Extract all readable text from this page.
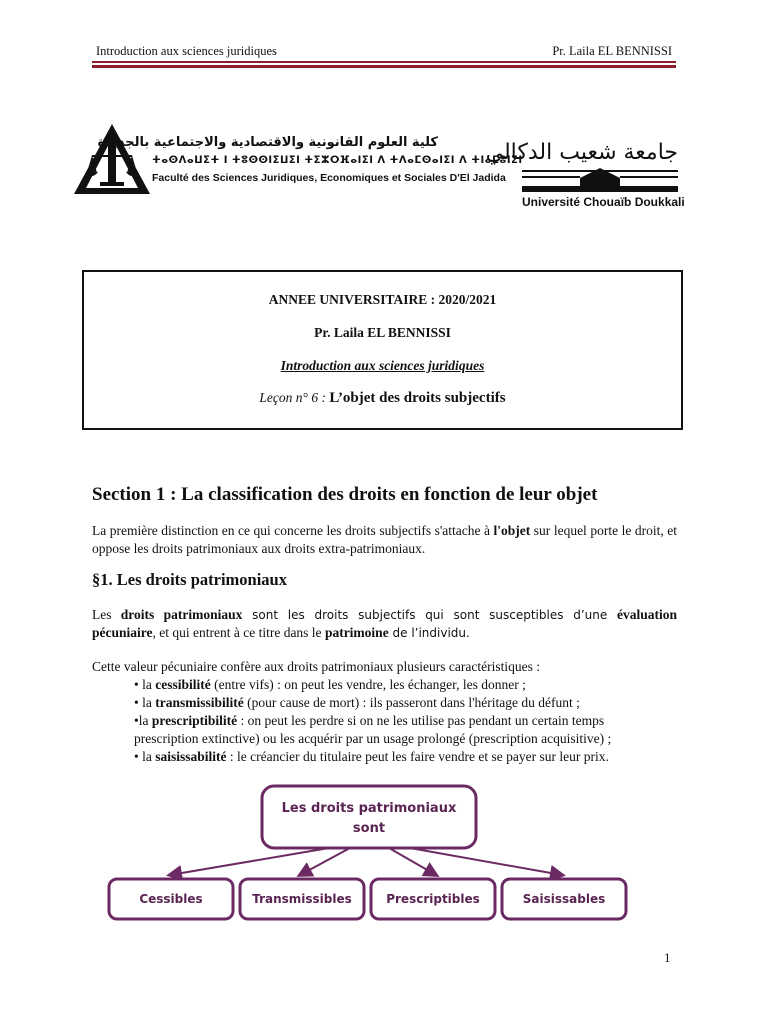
Introduction aux sciences juridiques	Pr. Laila EL BENNISSI
كلية العلوم القانونية والاقتصادية والاجتماعية بالجديدة
ⵜⴰⵙⴷⴰⵡⵉⵜ ⵏ ⵜⵓⵙⵙⵏⵉⵡⵉⵏ ⵜⵉⵣⵔⴼⴰⵏⵉⵏ ⴷ ⵜⴷⴰⵎⵙⴰⵏⵉⵏ ⴷ ⵜⵏⴰⵎⵓⵏⵉⵏ
Faculté des Sciences Juridiques, Economiques et Sociales D'El Jadida
جامعة شعيب الدكالي
Université Chouaïb Doukkali
ANNEE UNIVERSITAIRE : 2020/2021
Pr. Laila EL BENNISSI
Introduction aux sciences juridiques
Leçon n° 6 : L’objet des droits subjectifs
Section 1 : La classification des droits en fonction de leur objet
La première distinction en ce qui concerne les droits subjectifs s'attache à l'objet sur lequel porte le droit, et oppose les droits patrimoniaux aux droits extra-patrimoniaux.
§1. Les droits patrimoniaux
Les droits patrimoniaux sont les droits subjectifs qui sont susceptibles d’une évaluation pécuniaire, et qui entrent à ce titre dans le patrimoine de l’individu.
Cette valeur pécuniaire confère aux droits patrimoniaux plusieurs caractéristiques :
• la cessibilité (entre vifs) : on peut les vendre, les échanger, les donner ;
• la transmissibilité (pour cause de mort) : ils passeront dans l'héritage du défunt ;
•la prescriptibilité : on peut les perdre si on ne les utilise pas pendant un certain temps
prescription extinctive) ou les acquérir par un usage prolongé (prescription acquisitive) ;
• la saisissabilité : le créancier du titulaire peut les faire vendre et se payer sur leur prix.
Les droits patrimoniaux
sont
Cessibles	Transmissibles	Prescriptibles	Saisissables
1
